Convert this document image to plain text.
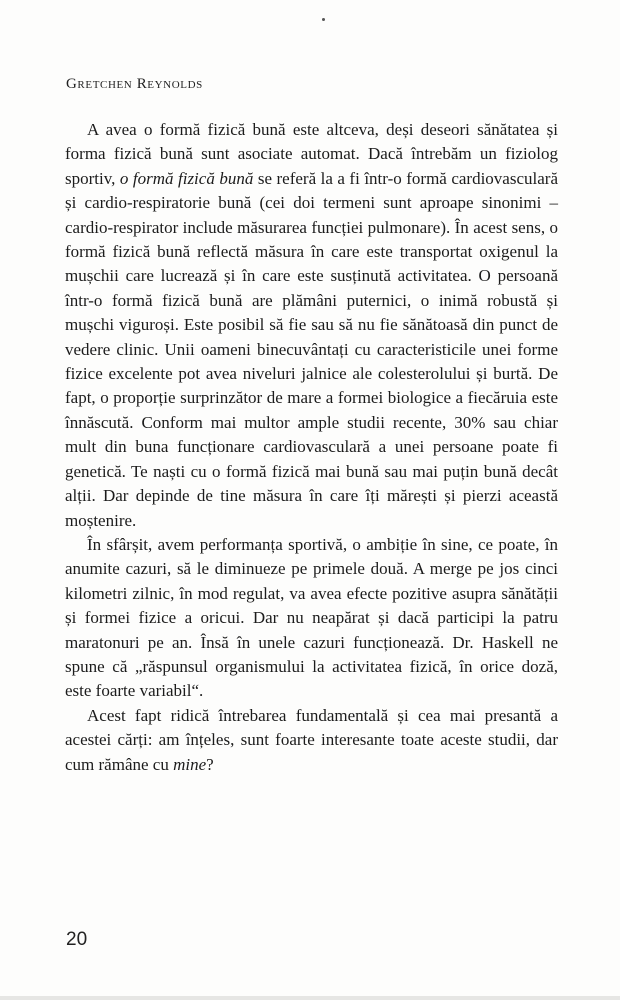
Gretchen Reynolds

A avea o formă fizică bună este altceva, deși deseori sănătatea și forma fizică bună sunt asociate automat. Dacă întrebăm un fiziolog sportiv, o formă fizică bună se referă la a fi într-o formă cardiovasculară și cardio-respiratorie bună (cei doi termeni sunt aproape sinonimi – cardio-respirator include măsurarea funcției pulmonare). În acest sens, o formă fizică bună reflectă măsura în care este transportat oxigenul la mușchii care lucrează și în care este susținută activitatea. O persoană într-o formă fizică bună are plămâni puternici, o inimă robustă și mușchi viguroși. Este posibil să fie sau să nu fie sănătoasă din punct de vedere clinic. Unii oameni binecuvântați cu caracteristicile unei forme fizice excelente pot avea niveluri jalnice ale colesterolului și burtă. De fapt, o proporție surprinzător de mare a formei biologice a fiecăruia este înnăscută. Conform mai multor ample studii recente, 30% sau chiar mult din buna funcționare cardiovasculară a unei persoane poate fi genetică. Te naști cu o formă fizică mai bună sau mai puțin bună decât alții. Dar depinde de tine măsura în care îți mărești și pierzi această moștenire.

În sfârșit, avem performanța sportivă, o ambiție în sine, ce poate, în anumite cazuri, să le diminueze pe primele două. A merge pe jos cinci kilometri zilnic, în mod regulat, va avea efecte pozitive asupra sănătății și formei fizice a oricui. Dar nu neapărat și dacă participi la patru maratonuri pe an. Însă în unele cazuri funcționează. Dr. Haskell ne spune că „răspunsul organismului la activitatea fizică, în orice doză, este foarte variabil“.

Acest fapt ridică întrebarea fundamentală și cea mai presantă a acestei cărți: am înțeles, sunt foarte interesante toate aceste studii, dar cum rămâne cu mine?

20
